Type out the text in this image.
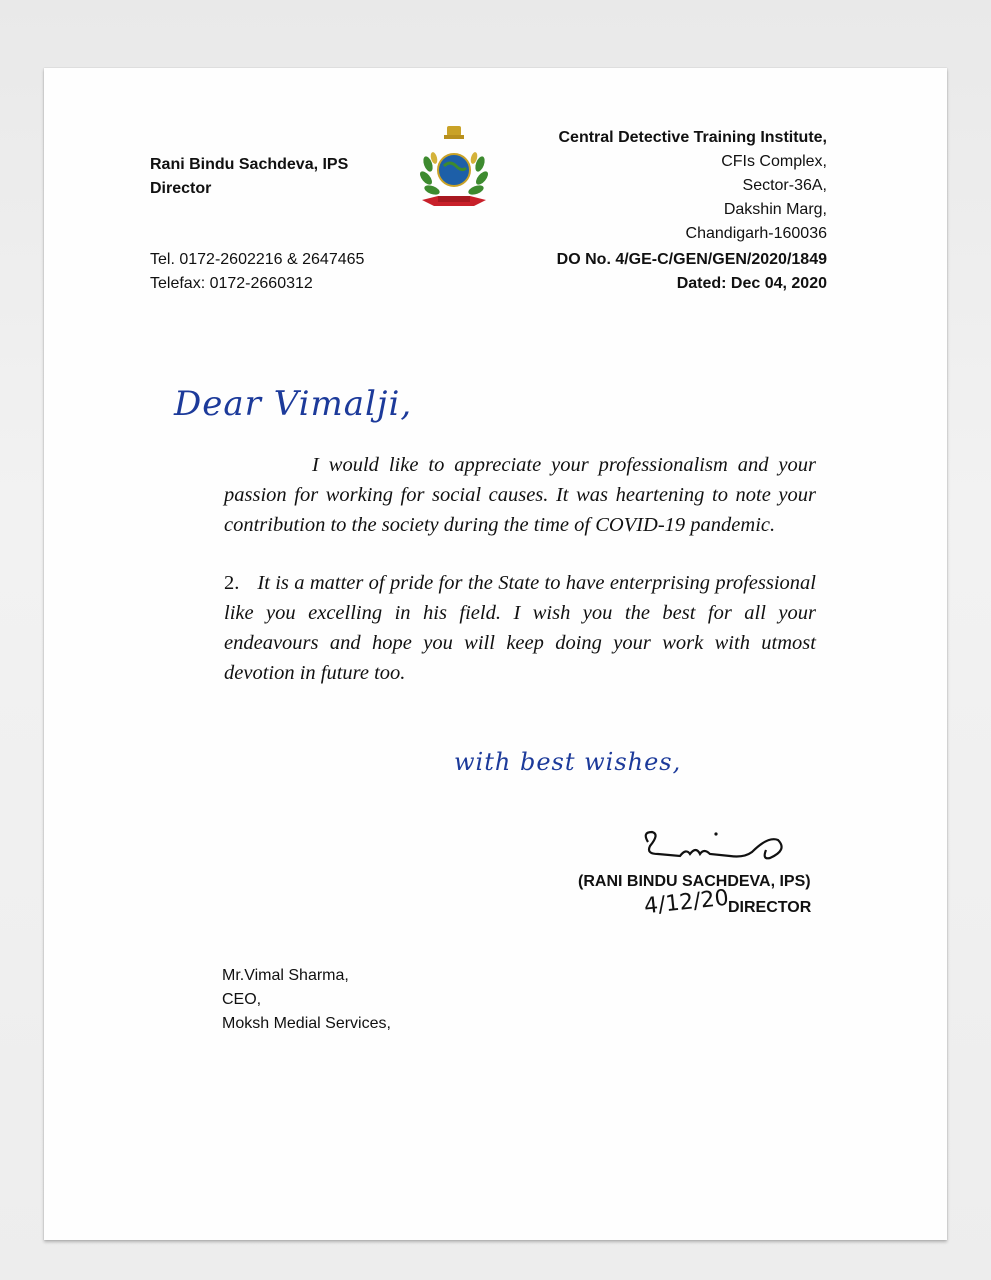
Rani Bindu Sachdeva, IPS
Director
Tel. 0172-2602216 & 2647465
Telefax: 0172-2660312
Central Detective Training Institute,
CFIs Complex,
Sector-36A,
Dakshin Marg,
Chandigarh-160036
DO No. 4/GE-C/GEN/GEN/2020/1849
Dated: Dec 04, 2020
Dear Vimalji,
I would like to appreciate your professionalism and your passion for working for social causes. It was heartening to note your contribution to the society during the time of COVID-19 pandemic.
2. It is a matter of pride for the State to have enterprising professional like you excelling in his field. I wish you the best for all your endeavours and hope you will keep doing your work with utmost devotion in future too.
with best wishes,
(RANI BINDU SACHDEVA, IPS)
4/12/20
DIRECTOR
Mr.Vimal Sharma,
CEO,
Moksh Medial Services,
